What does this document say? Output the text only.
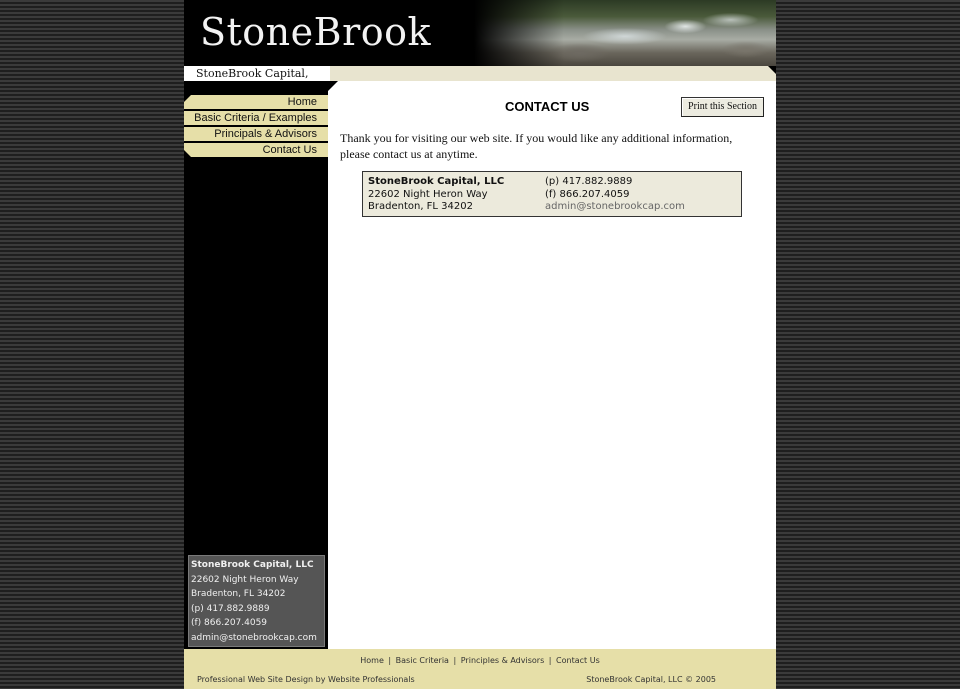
StoneBrook
StoneBrook Capital,
Home
Basic Criteria / Examples
Principals & Advisors
Contact Us
StoneBrook Capital, LLC
22602 Night Heron Way
Bradenton, FL 34202
(p) 417.882.9889
(f) 866.207.4059
admin@stonebrookcap.com
CONTACT US	Print this Section
Thank you for visiting our web site. If you would like any additional information, please contact us at anytime.
StoneBrook Capital, LLC
22602 Night Heron Way
Bradenton, FL 34202
(p) 417.882.9889
(f) 866.207.4059
admin@stonebrookcap.com
Home | Basic Criteria | Principles & Advisors | Contact Us
Professional Web Site Design by Website Professionals	StoneBrook Capital, LLC © 2005
